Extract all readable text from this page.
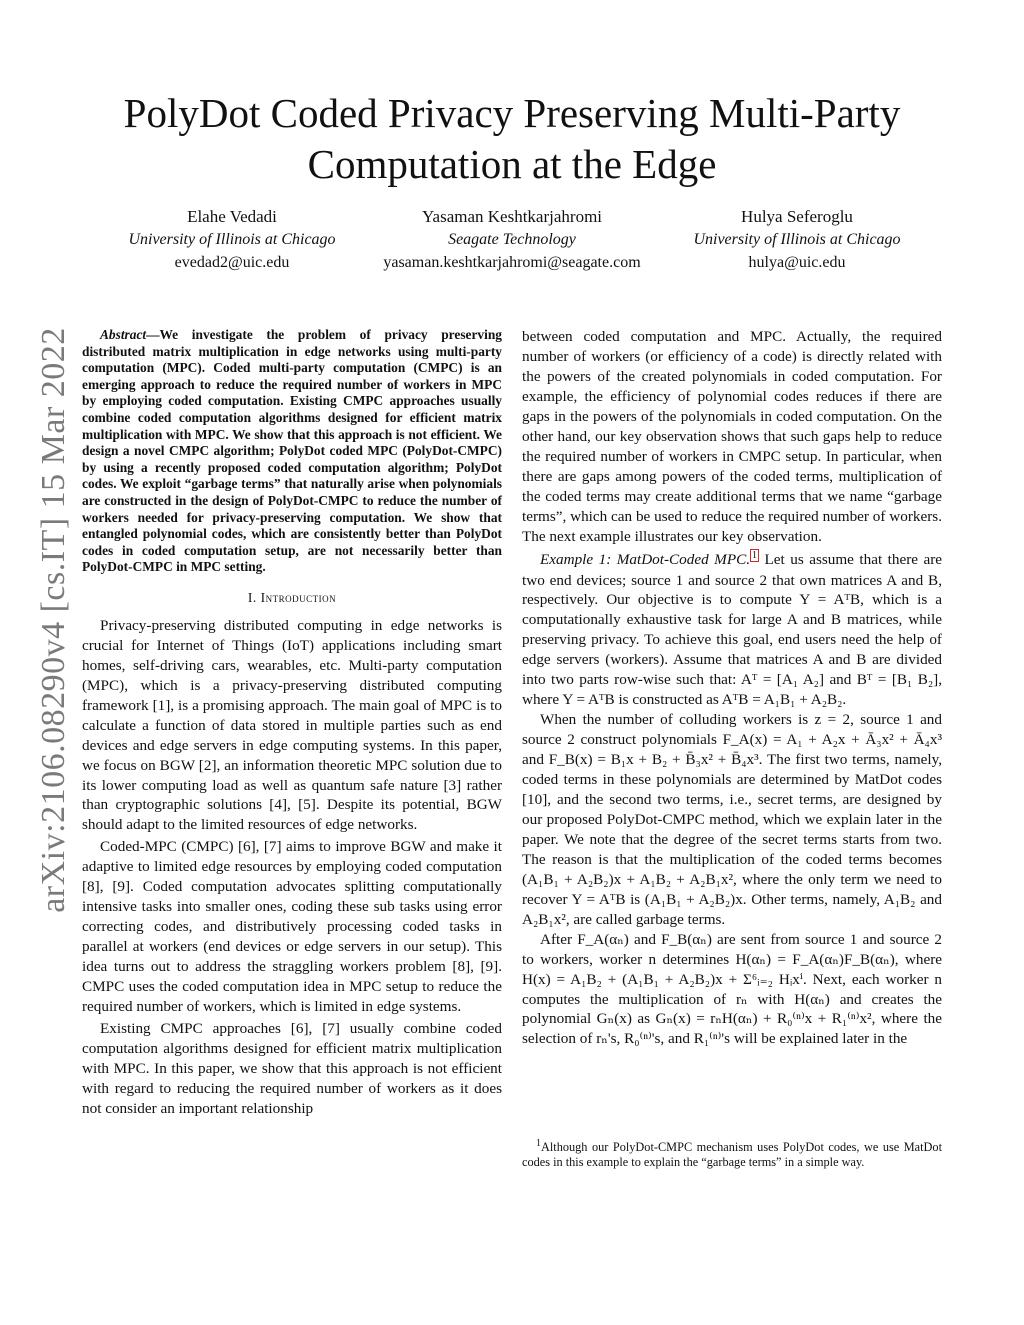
arXiv:2106.08290v4 [cs.IT] 15 Mar 2022
PolyDot Coded Privacy Preserving Multi-Party Computation at the Edge
Elahe Vedadi
University of Illinois at Chicago
evedad2@uic.edu
Yasaman Keshtkarjahromi
Seagate Technology
yasaman.keshtkarjahromi@seagate.com
Hulya Seferoglu
University of Illinois at Chicago
hulya@uic.edu

Abstract—We investigate the problem of privacy preserving distributed matrix multiplication in edge networks using multi-party computation (MPC). Coded multi-party computation (CMPC) is an emerging approach to reduce the required number of workers in MPC by employing coded computation. Existing CMPC approaches usually combine coded computation algorithms designed for efficient matrix multiplication with MPC. We show that this approach is not efficient. We design a novel CMPC algorithm; PolyDot coded MPC (PolyDot-CMPC) by using a recently proposed coded computation algorithm; PolyDot codes. We exploit “garbage terms” that naturally arise when polynomials are constructed in the design of PolyDot-CMPC to reduce the number of workers needed for privacy-preserving computation. We show that entangled polynomial codes, which are consistently better than PolyDot codes in coded computation setup, are not necessarily better than PolyDot-CMPC in MPC setting.

I. Introduction

Privacy-preserving distributed computing in edge networks is crucial for Internet of Things (IoT) applications including smart homes, self-driving cars, wearables, etc. Multi-party computation (MPC), which is a privacy-preserving distributed computing framework [1], is a promising approach. The main goal of MPC is to calculate a function of data stored in multiple parties such as end devices and edge servers in edge computing systems. In this paper, we focus on BGW [2], an information theoretic MPC solution due to its lower computing load as well as quantum safe nature [3] rather than cryptographic solutions [4], [5]. Despite its potential, BGW should adapt to the limited resources of edge networks.

Coded-MPC (CMPC) [6], [7] aims to improve BGW and make it adaptive to limited edge resources by employing coded computation [8], [9]. Coded computation advocates splitting computationally intensive tasks into smaller ones, coding these sub tasks using error correcting codes, and distributively processing coded tasks in parallel at workers (end devices or edge servers in our setup). This idea turns out to address the straggling workers problem [8], [9]. CMPC uses the coded computation idea in MPC setup to reduce the required number of workers, which is limited in edge systems.

Existing CMPC approaches [6], [7] usually combine coded computation algorithms designed for efficient matrix multiplication with MPC. In this paper, we show that this approach is not efficient with regard to reducing the required number of workers as it does not consider an important relationship

between coded computation and MPC. Actually, the required number of workers (or efficiency of a code) is directly related with the powers of the created polynomials in coded computation. For example, the efficiency of polynomial codes reduces if there are gaps in the powers of the polynomials in coded computation. On the other hand, our key observation shows that such gaps help to reduce the required number of workers in CMPC setup. In particular, when there are gaps among powers of the coded terms, multiplication of the coded terms may create additional terms that we name “garbage terms”, which can be used to reduce the required number of workers. The next example illustrates our key observation.

Example 1: MatDot-Coded MPC. $^1$ Let us assume that there are two end devices; source 1 and source 2 that own matrices A and B, respectively. Our objective is to compute Y = AᵀB, which is a computationally exhaustive task for large A and B matrices, while preserving privacy. To achieve this goal, end users need the help of edge servers (workers). Assume that matrices A and B are divided into two parts row-wise such that: Aᵀ = [A₁ A₂] and Bᵀ = [B₁ B₂], where Y = AᵀB is constructed as AᵀB = A₁B₁ + A₂B₂.

When the number of colluding workers is z = 2, source 1 and source 2 construct polynomials F_A(x) = A₁ + A₂x + Ā₃x² + Ā₄x³ and F_B(x) = B₁x + B₂ + B̄₃x² + B̄₄x³. The first two terms, namely, coded terms in these polynomials are determined by MatDot codes [10], and the second two terms, i.e., secret terms, are designed by our proposed PolyDot-CMPC method, which we explain later in the paper. We note that the degree of the secret terms starts from two. The reason is that the multiplication of the coded terms becomes (A₁B₁ + A₂B₂)x + A₁B₂ + A₂B₁x², where the only term we need to recover Y = AᵀB is (A₁B₁ + A₂B₂)x. Other terms, namely, A₁B₂ and A₂B₁x², are called garbage terms.

After F_A(αₙ) and F_B(αₙ) are sent from source 1 and source 2 to workers, worker n determines H(αₙ) = F_A(αₙ)F_B(αₙ), where H(x) = A₁B₂ + (A₁B₁ + A₂B₂)x + Σ⁶ᵢ₌₂ Hᵢxⁱ. Next, each worker n computes the multiplication of rₙ with H(αₙ) and creates the polynomial Gₙ(x) as Gₙ(x) = rₙH(αₙ) + R₀⁽ⁿ⁾x + R₁⁽ⁿ⁾x², where the selection of rₙ's, R₀⁽ⁿ⁾'s, and R₁⁽ⁿ⁾'s will be explained later in the

$^1$Although our PolyDot-CMPC mechanism uses PolyDot codes, we use MatDot codes in this example to explain the “garbage terms” in a simple way.
